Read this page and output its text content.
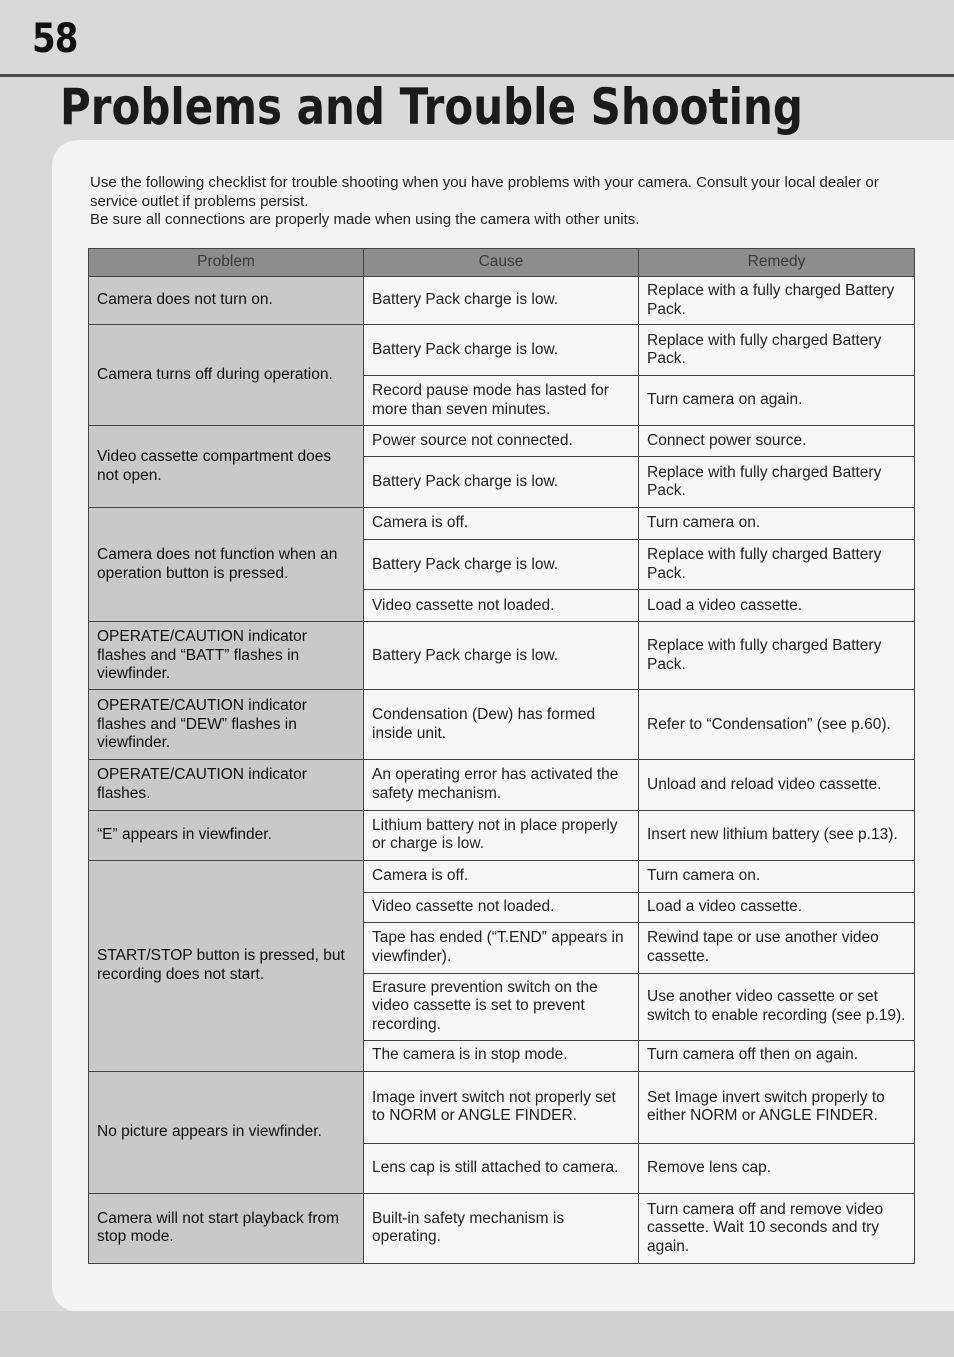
58
Problems and Trouble Shooting

Use the following checklist for trouble shooting when you have problems with your camera. Consult your local dealer or service outlet if problems persist.

Be sure all connections are properly made when using the camera with other units.

Problem	Cause	Remedy
Camera does not turn on.	Battery Pack charge is low.	Replace with a fully charged Battery Pack.
Camera turns off during operation.	Battery Pack charge is low.	Replace with fully charged Battery Pack.
	Record pause mode has lasted for more than seven minutes.	Turn camera on again.
Video cassette compartment does not open.	Power source not connected.	Connect power source.
	Battery Pack charge is low.	Replace with fully charged Battery Pack.
Camera does not function when an operation button is pressed.	Camera is off.	Turn camera on.
	Battery Pack charge is low.	Replace with fully charged Battery Pack.
	Video cassette not loaded.	Load a video cassette.
OPERATE/CAUTION indicator flashes and “BATT” flashes in viewfinder.	Battery Pack charge is low.	Replace with fully charged Battery Pack.
OPERATE/CAUTION indicator flashes and “DEW” flashes in viewfinder.	Condensation (Dew) has formed inside unit.	Refer to “Condensation” (see p.60).
OPERATE/CAUTION indicator flashes.	An operating error has activated the safety mechanism.	Unload and reload video cassette.
“E” appears in viewfinder.	Lithium battery not in place properly or charge is low.	Insert new lithium battery (see p.13).
START/STOP button is pressed, but recording does not start.	Camera is off.	Turn camera on.
	Video cassette not loaded.	Load a video cassette.
	Tape has ended (“T.END” appears in viewfinder).	Rewind tape or use another video cassette.
	Erasure prevention switch on the video cassette is set to prevent recording.	Use another video cassette or set switch to enable recording (see p.19).
	The camera is in stop mode.	Turn camera off then on again.
No picture appears in viewfinder.	Image invert switch not properly set to NORM or ANGLE FINDER.	Set Image invert switch properly to either NORM or ANGLE FINDER.
	Lens cap is still attached to camera.	Remove lens cap.
Camera will not start playback from stop mode.	Built-in safety mechanism is operating.	Turn camera off and remove video cassette. Wait 10 seconds and try again.
